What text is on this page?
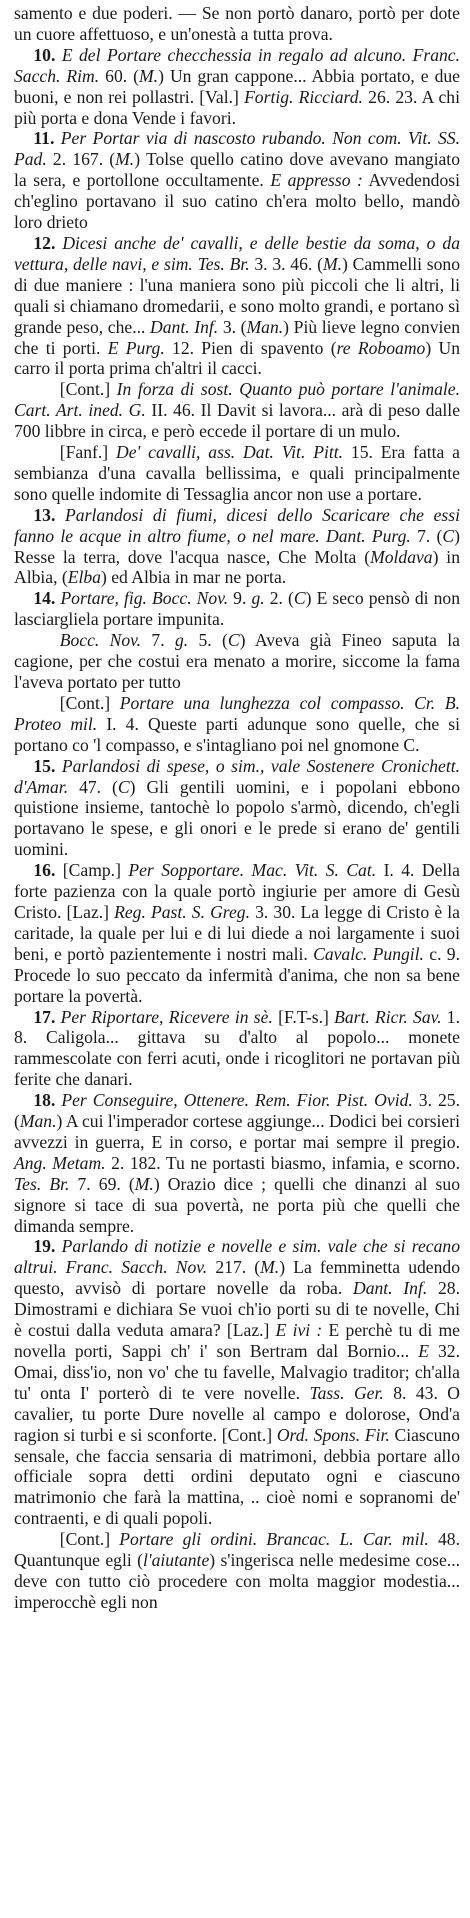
samento e due poderi. — Se non portò danaro, portò per dote un cuore affettuoso, e un'onestà a tutta prova.

10. E del Portare checchessia in regalo ad alcuno. Franc. Sacch. Rim. 60. (M.) Un gran cappone... Abbia portato, e due buoni, e non rei pollastri. [Val.] Fortig. Ricciard. 26. 23. A chi più porta e dona Vende i favori.

11. Per Portar via di nascosto rubando. Non com. Vit. SS. Pad. 2. 167. (M.) Tolse quello catino dove avevano mangiato la sera, e portollone occultamente. E appresso : Avvedendosi ch'eglino portavano il suo catino ch'era molto bello, mandò loro drieto

12. Dicesi anche de' cavalli, e delle bestie da soma, o da vettura, delle navi, e sim. Tes. Br. 3. 3. 46. (M.) Cammelli sono di due maniere : l'una maniera sono più piccoli che li altri, li quali si chiamano dromedarii, e sono molto grandi, e portano sì grande peso, che... Dant. Inf. 3. (Man.) Più lieve legno convien che ti porti. E Purg. 12. Pien di spavento (re Roboamo) Un carro il porta prima ch'altri il cacci.

[Cont.] In forza di sost. Quanto può portare l'animale. Cart. Art. ined. G. II. 46. Il Davit si lavora... arà di peso dalle 700 libbre in circa, e però eccede il portare di un mulo.

[Fanf.] De' cavalli, ass. Dat. Vit. Pitt. 15. Era fatta a sembianza d'una cavalla bellissima, e quali principalmente sono quelle indomite di Tessaglia ancor non use a portare.

13. Parlandosi di fiumi, dicesi dello Scaricare che essi fanno le acque in altro fiume, o nel mare. Dant. Purg. 7. (C) Resse la terra, dove l'acqua nasce, Che Molta (Moldava) in Albia, (Elba) ed Albia in mar ne porta.

14. Portare, fig. Bocc. Nov. 9. g. 2. (C) E seco pensò di non lasciargliela portare impunita.

Bocc. Nov. 7. g. 5. (C) Aveva già Fineo saputa la cagione, per che costui era menato a morire, siccome la fama l'aveva portato per tutto

[Cont.] Portare una lunghezza col compasso. Cr. B. Proteo mil. I. 4. Queste parti adunque sono quelle, che si portano co 'l compasso, e s'intagliano poi nel gnomone C.

15. Parlandosi di spese, o sim., vale Sostenere Cronichett. d'Amar. 47. (C) Gli gentili uomini, e i popolani ebbono quistione insieme, tantochè lo popolo s'armò, dicendo, ch'egli portavano le spese, e gli onori e le prede si erano de' gentili uomini.

16. [Camp.] Per Sopportare. Mac. Vit. S. Cat. I. 4. Della forte pazienza con la quale portò ingiurie per amore di Gesù Cristo. [Laz.] Reg. Past. S. Greg. 3. 30. La legge di Cristo è la caritade, la quale per lui e di lui diede a noi largamente i suoi beni, e portò pazientemente i nostri mali. Cavalc. Pungil. c. 9. Procede lo suo peccato da infermità d'anima, che non sa bene portare la povertà.

17. Per Riportare, Ricevere in sè. [F.T-s.] Bart. Ricr. Sav. 1. 8. Caligola... gittava su d'alto al popolo... monete rammescolate con ferri acuti, onde i ricoglitori ne portavan più ferite che danari.

18. Per Conseguire, Ottenere. Rem. Fior. Pist. Ovid. 3. 25. (Man.) A cui l'imperador cortese aggiunge... Dodici bei corsieri avvezzi in guerra, E in corso, e portar mai sempre il pregio. Ang. Metam. 2. 182. Tu ne portasti biasmo, infamia, e scorno. Tes. Br. 7. 69. (M.) Orazio dice ; quelli che dinanzi al suo signore si tace di sua povertà, ne porta più che quelli che dimanda sempre.

19. Parlando di notizie e novelle e sim. vale che si recano altrui. Franc. Sacch. Nov. 217. (M.) La femminetta udendo questo, avvisò di portare novelle da roba. Dant. Inf. 28. Dimostrami e dichiara Se vuoi ch'io porti su di te novelle, Chi è costui dalla veduta amara? [Laz.] E ivi : E perchè tu di me novella porti, Sappi ch' i' son Bertram dal Bornio... E 32. Omai, diss'io, non vo' che tu favelle, Malvagio traditor; ch'alla tu' onta I' porterò di te vere novelle. Tass. Ger. 8. 43. O cavalier, tu porte Dure novelle al campo e dolorose, Ond'a ragion si turbi e si sconforte. [Cont.] Ord. Spons. Fir. Ciascuno sensale, che faccia sensaria di matrimoni, debbia portare allo officiale sopra detti ordini deputato ogni e ciascuno matrimonio che farà la mattina, .. cioè nomi e sopranomi de' contraenti, e di quali popoli.

[Cont.] Portare gli ordini. Brancac. L. Car. mil. 48. Quantunque egli (l'aiutante) s'ingerisca nelle medesime cose... deve con tutto ciò procedere con molta maggior modestia... imperocchè egli non
